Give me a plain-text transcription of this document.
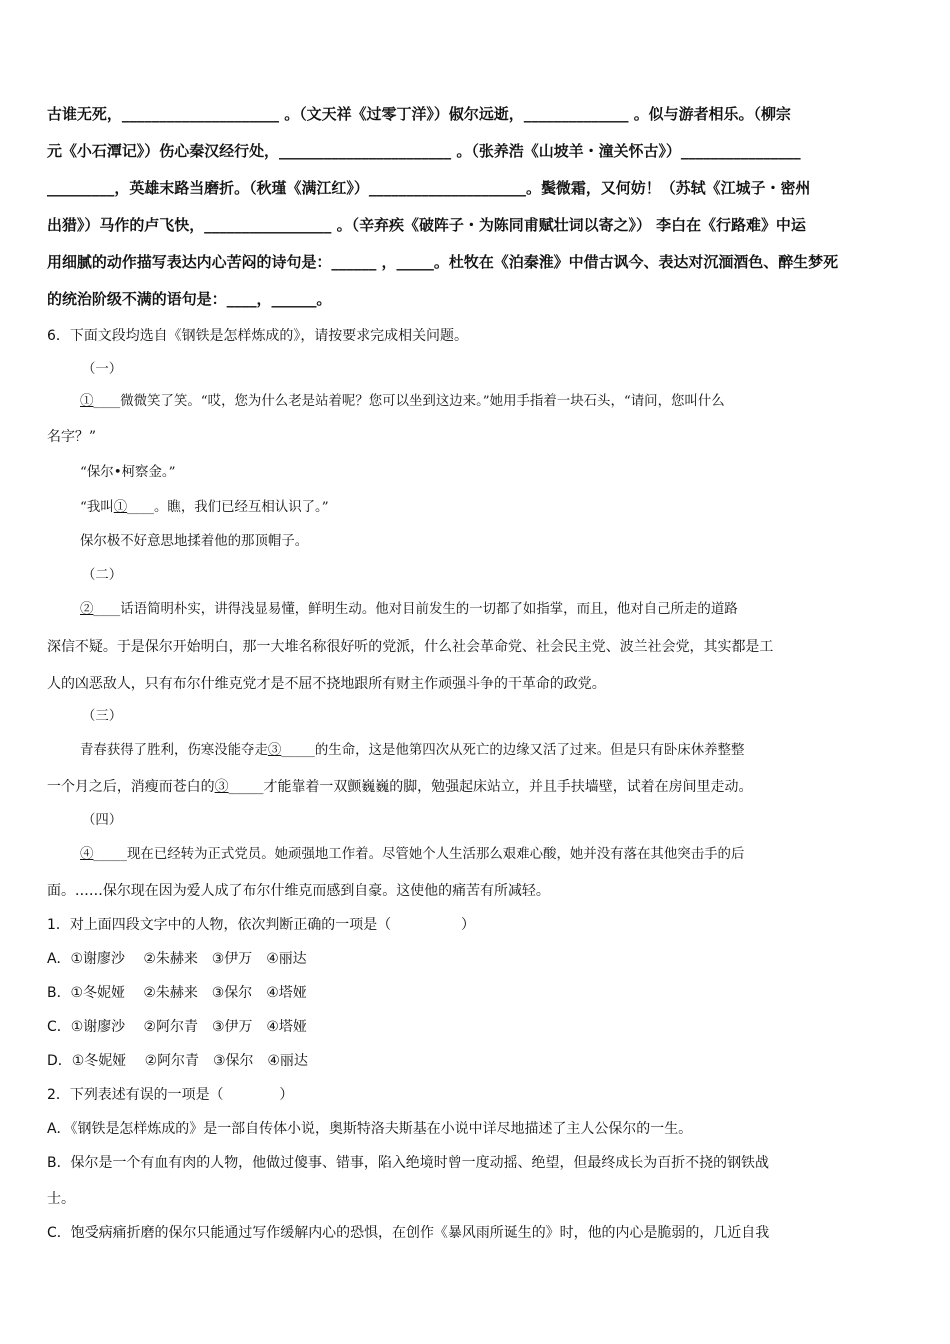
古谁无死，_____________________ 。（文天祥《过零丁洋》）俶尔远逝，______________ 。似与游者相乐。（柳宗
元《小石潭记》）伤心秦汉经行处，_______________________ 。（张养浩《山坡羊・潼关怀古》）________________
_________，英雄末路当磨折。（秋瑾《满江红》）_____________________。鬓微霜，又何妨！（苏轼《江城子・密州
出猎》）马作的卢飞快，_________________ 。（辛弃疾《破阵子・为陈同甫赋壮词以寄之》） 李白在《行路难》中运
用细腻的动作描写表达内心苦闷的诗句是：______ ，_____。杜牧在《泊秦淮》中借古讽今、表达对沉湎酒色、醉生梦死
的统治阶级不满的语句是：____，______。
6．下面文段均选自《钢铁是怎样炼成的》，请按要求完成相关问题。
（一）
①____微微笑了笑。“哎，您为什么老是站着呢？您可以坐到这边来。”她用手指着一块石头，“请问，您叫什么
名字？”
“保尔•柯察金。”
“我叫①____。瞧，我们已经互相认识了。”
保尔极不好意思地揉着他的那顶帽子。
（二）
②____话语简明朴实，讲得浅显易懂，鲜明生动。他对目前发生的一切都了如指掌，而且，他对自己所走的道路
深信不疑。于是保尔开始明白，那一大堆名称很好听的党派，什么社会革命党、社会民主党、波兰社会党，其实都是工
人的凶恶敌人，只有布尔什维克党才是不屈不挠地跟所有财主作顽强斗争的干革命的政党。
（三）
青春获得了胜利，伤寒没能夺走③_____的生命，这是他第四次从死亡的边缘又活了过来。但是只有卧床休养整整
一个月之后，消瘦而苍白的③_____才能靠着一双颤巍巍的脚，勉强起床站立，并且手扶墙壁，试着在房间里走动。
（四）
④_____现在已经转为正式党员。她顽强地工作着。尽管她个人生活那么艰难心酸，她并没有落在其他突击手的后
面。……保尔现在因为爱人成了布尔什维克而感到自豪。这使他的痛苦有所减轻。
1．对上面四段文字中的人物，依次判断正确的一项是（　　　　　）
A．①谢廖沙　 ②朱赫来　③伊万　④丽达
B．①冬妮娅　 ②朱赫来　③保尔　④塔娅
C．①谢廖沙　 ②阿尔青　③伊万　④塔娅
D．①冬妮娅　 ②阿尔青　③保尔　④丽达
2．下列表述有误的一项是（　　　　）
A．《钢铁是怎样炼成的》是一部自传体小说，奥斯特洛夫斯基在小说中详尽地描述了主人公保尔的一生。
B．保尔是一个有血有肉的人物，他做过傻事、错事，陷入绝境时曾一度动摇、绝望，但最终成长为百折不挠的钢铁战
士。
C．饱受病痛折磨的保尔只能通过写作缓解内心的恐惧，在创作《暴风雨所诞生的》时，他的内心是脆弱的，几近自我
